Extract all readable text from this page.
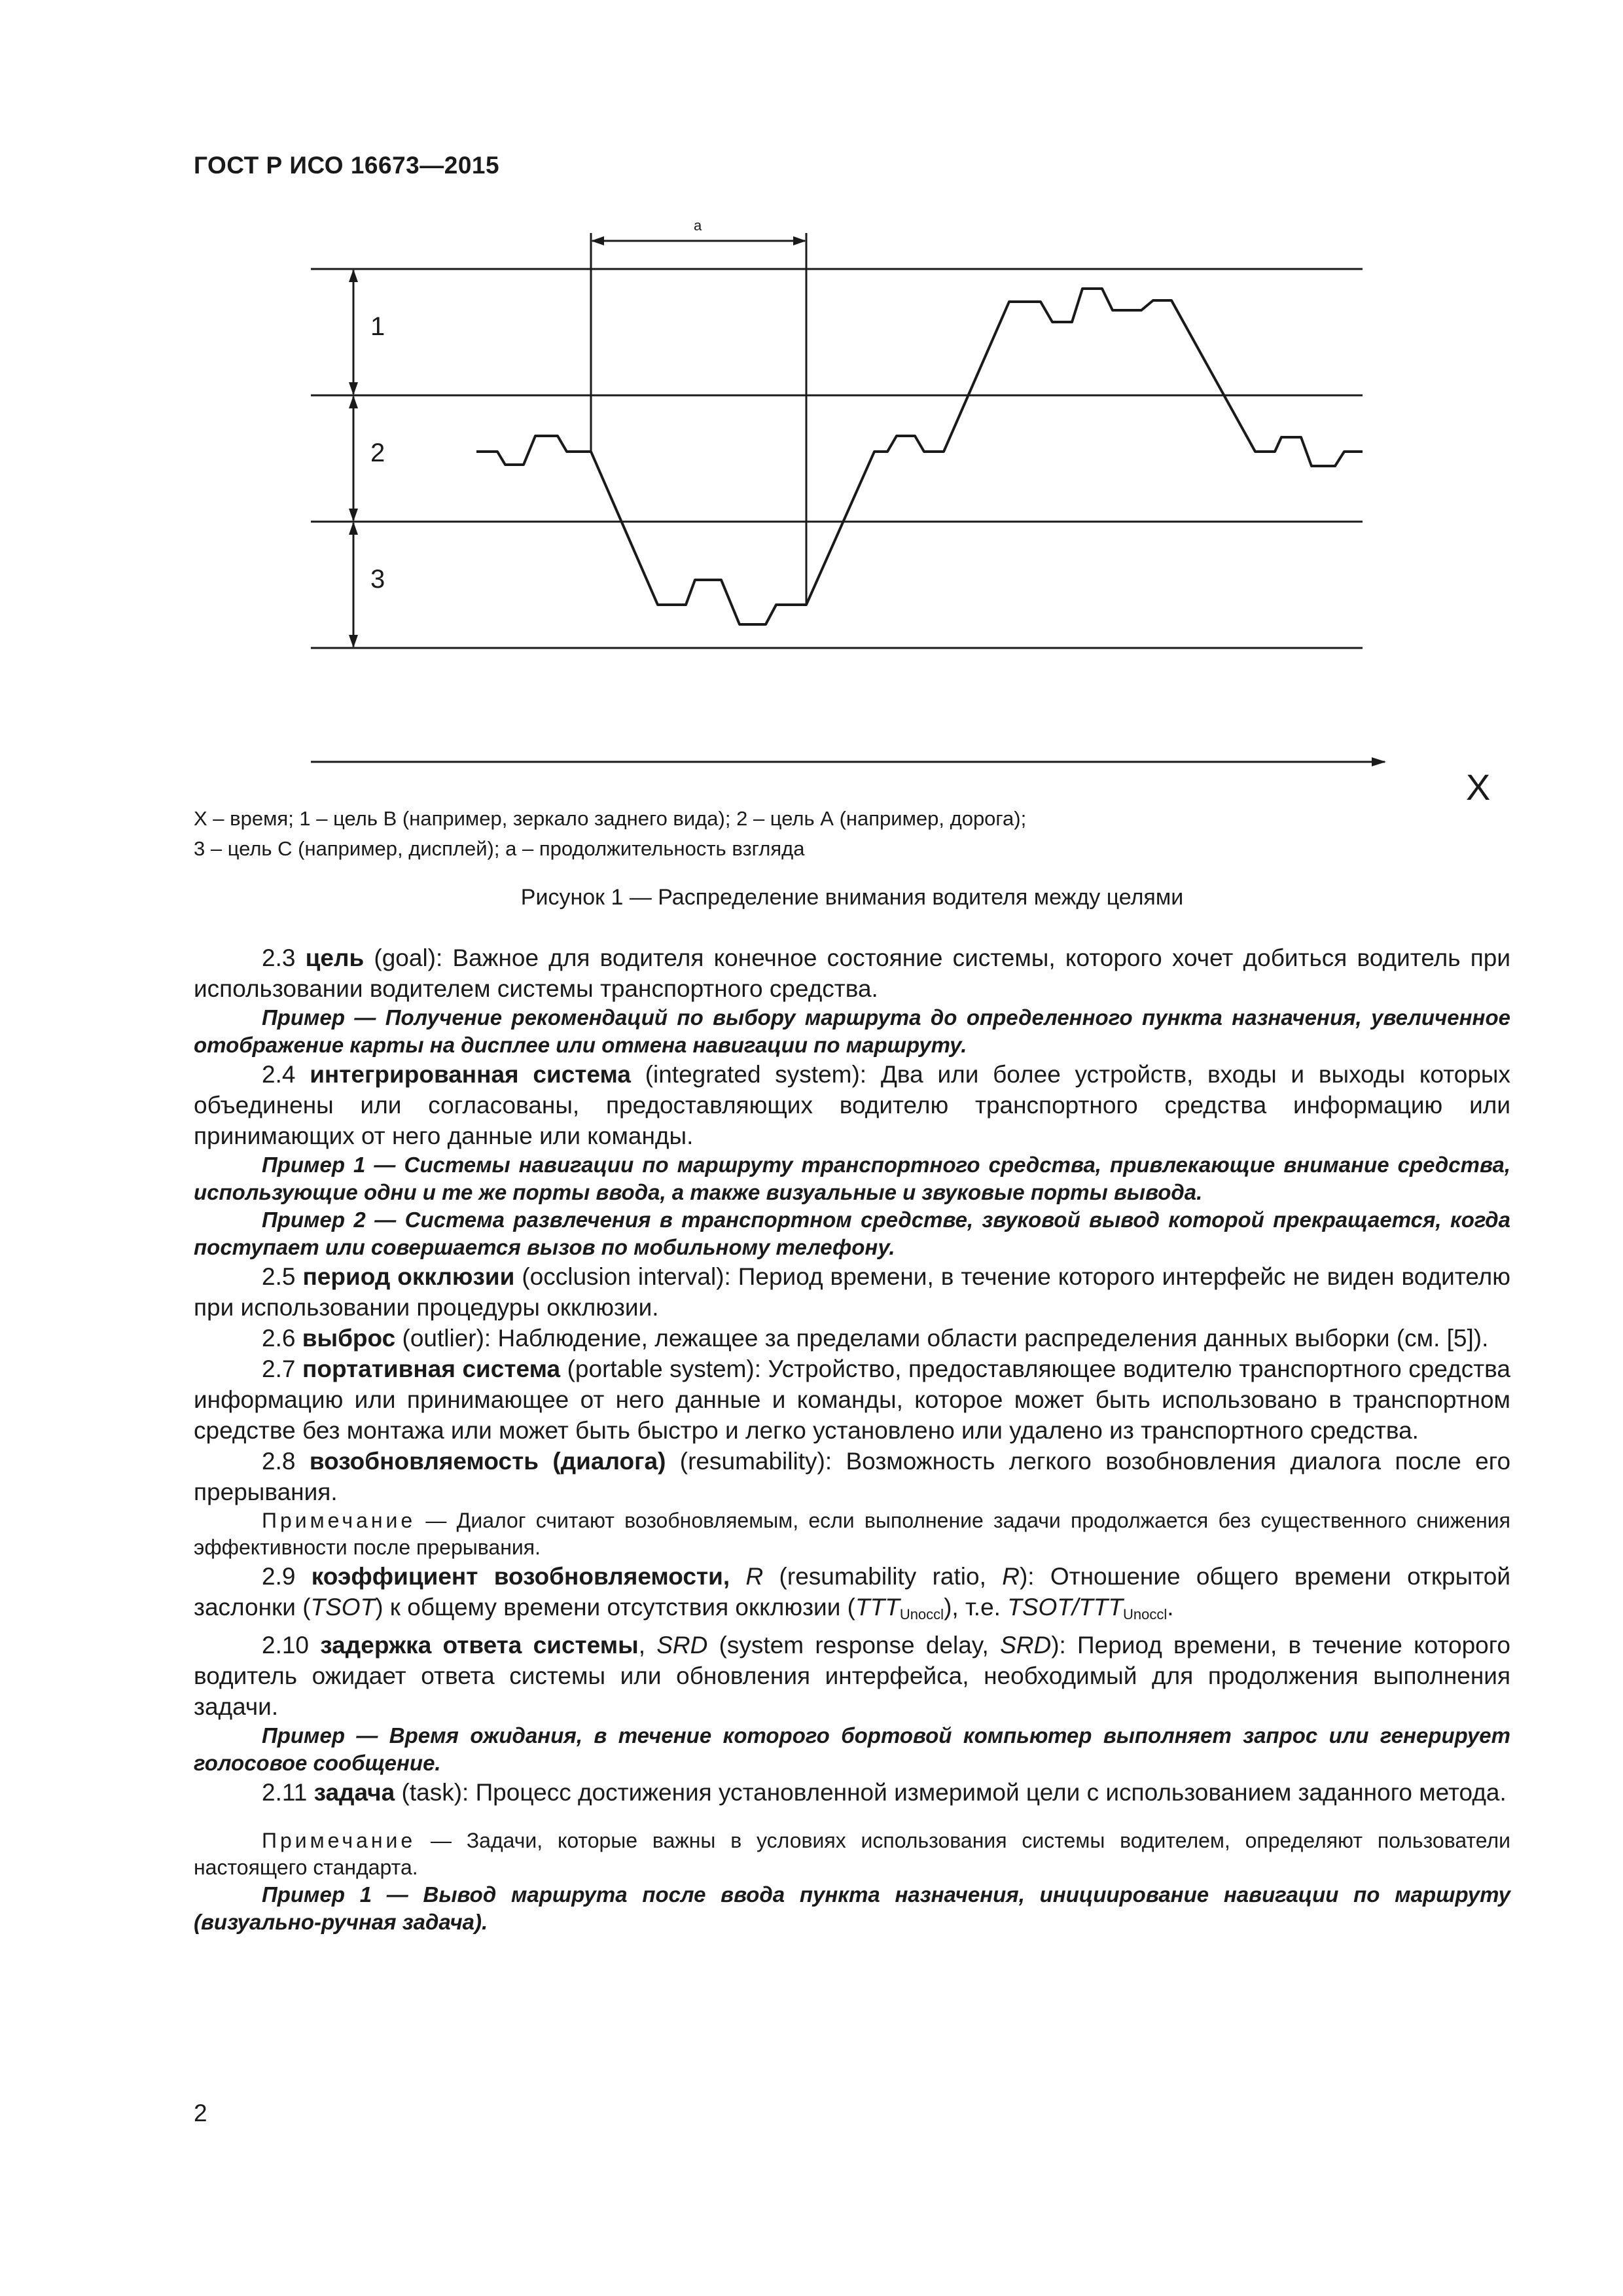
ГОСТ Р ИСО 16673—2015
1
2
3
a
X
X – время; 1 – цель В (например, зеркало заднего вида); 2 – цель А (например, дорога);
3 – цель С (например, дисплей); a – продолжительность взгляда
Рисунок 1 — Распределение внимания водителя между целями

2.3 цель (goal): Важное для водителя конечное состояние системы, которого хочет добиться водитель при использовании водителем системы транспортного средства.

Пример — Получение рекомендаций по выбору маршрута до определенного пункта назначения, увеличенное отображение карты на дисплее или отмена навигации по маршруту.

2.4 интегрированная система (integrated system): Два или более устройств, входы и выходы которых объединены или согласованы, предоставляющих водителю транспортного средства информацию или принимающих от него данные или команды.

Пример 1 — Системы навигации по маршруту транспортного средства, привлекающие внимание средства, использующие одни и те же порты ввода, а также визуальные и звуковые порты вывода.

Пример 2 — Система развлечения в транспортном средстве, звуковой вывод которой прекращается, когда поступает или совершается вызов по мобильному телефону.

2.5 период окклюзии (occlusion interval): Период времени, в течение которого интерфейс не виден водителю при использовании процедуры окклюзии.

2.6 выброс (outlier): Наблюдение, лежащее за пределами области распределения данных выборки (см. [5]).

2.7 портативная система (portable system): Устройство, предоставляющее водителю транспортного средства информацию или принимающее от него данные и команды, которое может быть использовано в транспортном средстве без монтажа или может быть быстро и легко установлено или удалено из транспортного средства.

2.8 возобновляемость (диалога) (resumability): Возможность легкого возобновления диалога после его прерывания.

Примечание — Диалог считают возобновляемым, если выполнение задачи продолжается без существенного снижения эффективности после прерывания.

2.9 коэффициент возобновляемости, R (resumability ratio, R): Отношение общего времени открытой заслонки (TSOT) к общему времени отсутствия окклюзии $(TTT_{Unoccl})$, т.е. TSOT/$TTT_{Unoccl}$.

2.10 задержка ответа системы, SRD (system response delay, SRD): Период времени, в течение которого водитель ожидает ответа системы или обновления интерфейса, необходимый для продолжения выполнения задачи.

Пример — Время ожидания, в течение которого бортовой компьютер выполняет запрос или генерирует голосовое сообщение.

2.11 задача (task): Процесс достижения установленной измеримой цели с использованием заданного метода.

Примечание — Задачи, которые важны в условиях использования системы водителем, определяют пользователи настоящего стандарта.

Пример 1 — Вывод маршрута после ввода пункта назначения, инициирование навигации по маршруту (визуально-ручная задача).

2
